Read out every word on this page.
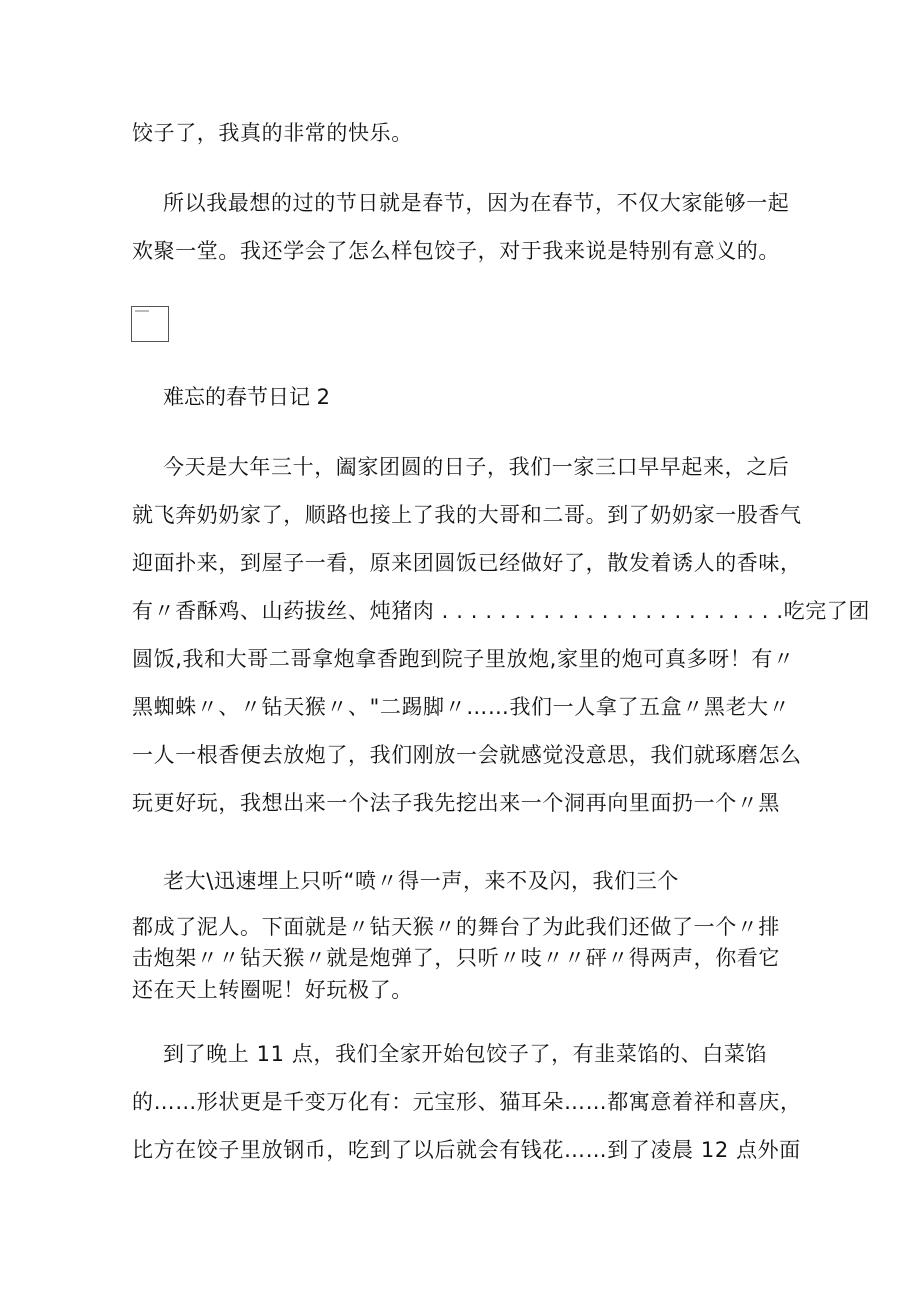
饺子了，我真的非常的快乐。
所以我最想的过的节日就是春节，因为在春节，不仅大家能够一起
欢聚一堂。我还学会了怎么样包饺子，对于我来说是特别有意义的。
难忘的春节日记 2
今天是大年三十，阖家团圆的日子，我们一家三口早早起来，之后
就飞奔奶奶家了，顺路也接上了我的大哥和二哥。到了奶奶家一股香气
迎面扑来，到屋子一看，原来团圆饭已经做好了，散发着诱人的香味，
有〃香酥鸡、山药拔丝、炖猪肉 . . . . . . . . . . . . . . . . . . . . . . . .吃完了团
圆饭,我和大哥二哥拿炮拿香跑到院子里放炮,家里的炮可真多呀！有〃
黑蜘蛛〃、〃钻天猴〃、"二踢脚〃……我们一人拿了五盒〃黑老大〃
一人一根香便去放炮了，我们刚放一会就感觉没意思，我们就琢磨怎么
玩更好玩，我想出来一个法子我先挖出来一个洞再向里面扔一个〃黑
老大\迅速埋上只听“喷〃得一声，来不及闪，我们三个
都成了泥人。下面就是〃钻天猴〃的舞台了为此我们还做了一个〃排
击炮架〃〃钻天猴〃就是炮弹了，只听〃吱〃〃砰〃得两声，你看它
还在天上转圈呢！好玩极了。
到了晚上 11 点，我们全家开始包饺子了，有韭菜馅的、白菜馅
的……形状更是千变万化有：元宝形、猫耳朵……都寓意着祥和喜庆，
比方在饺子里放钢币，吃到了以后就会有钱花……到了凌晨 12 点外面
